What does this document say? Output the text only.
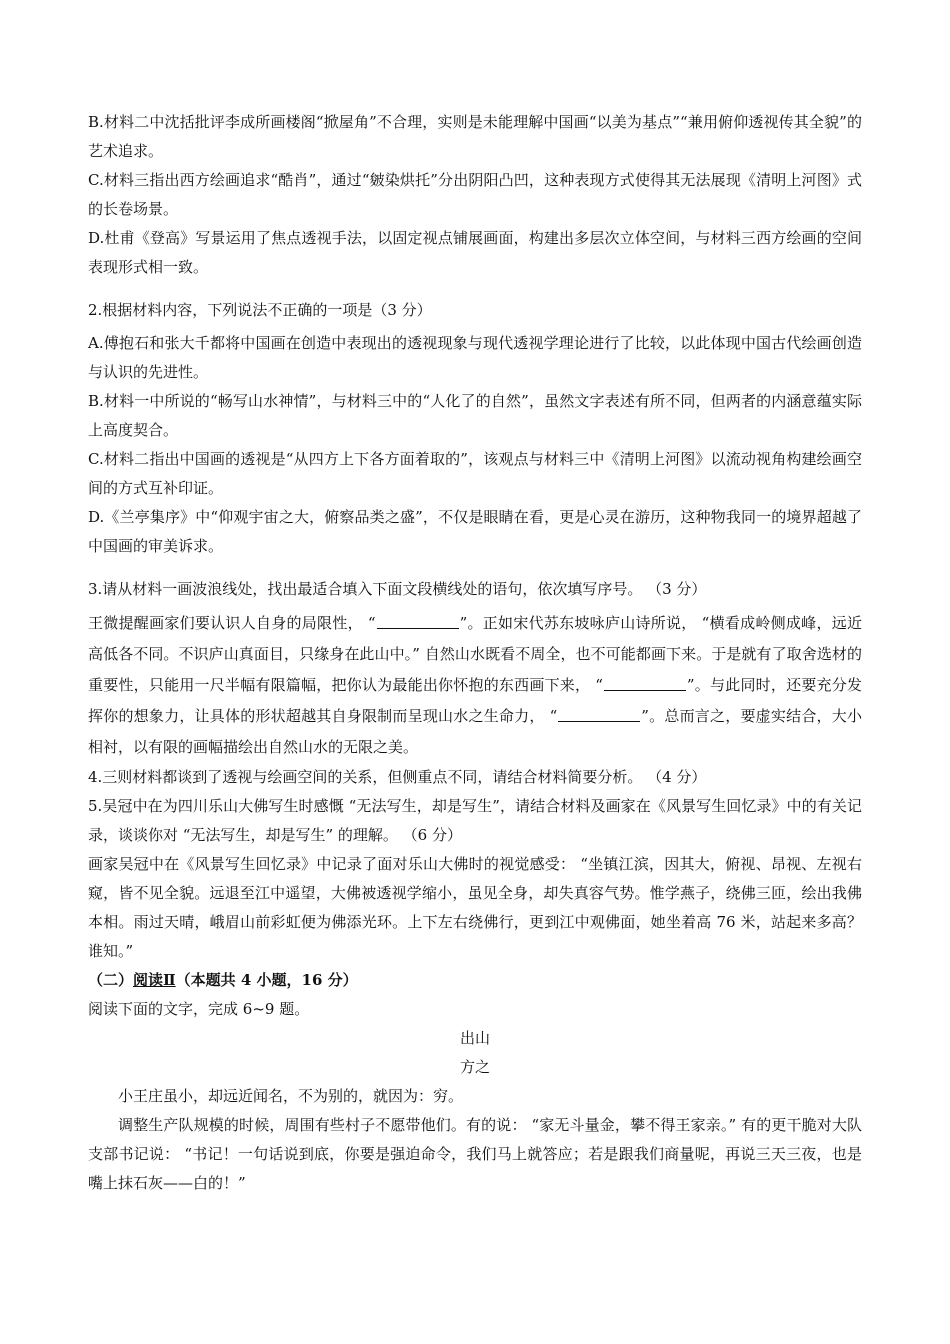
B.材料二中沈括批评李成所画楼阁“掀屋角”不合理，实则是未能理解中国画“以美为基点”“兼用俯仰透视传其全貌”的艺术追求。

C.材料三指出西方绘画追求“酷肖”，通过“皴染烘托”分出阴阳凸凹，这种表现方式使得其无法展现《清明上河图》式的长卷场景。

D.杜甫《登高》写景运用了焦点透视手法，以固定视点铺展画面，构建出多层次立体空间，与材料三西方绘画的空间表现形式相一致。

2.根据材料内容，下列说法不正确的一项是（3 分）

A.傅抱石和张大千都将中国画在创造中表现出的透视现象与现代透视学理论进行了比较，以此体现中国古代绘画创造与认识的先进性。

B.材料一中所说的“畅写山水神情”，与材料三中的“人化了的自然”，虽然文字表述有所不同，但两者的内涵意蕴实际上高度契合。

C.材料二指出中国画的透视是“从四方上下各方面着取的”，该观点与材料三中《清明上河图》以流动视角构建绘画空间的方式互补印证。

D.《兰亭集序》中“仰观宇宙之大，俯察品类之盛”，不仅是眼睛在看，更是心灵在游历，这种物我同一的境界超越了中国画的审美诉求。

3.请从材料一画波浪线处，找出最适合填入下面文段横线处的语句，依次填写序号。 （3 分）

王微提醒画家们要认识人自身的局限性， “	”。正如宋代苏东坡咏庐山诗所说， “横看成岭侧成峰，远近高低各不同。不识庐山真面目，只缘身在此山中。” 自然山水既看不周全，也不可能都画下来。于是就有了取舍选材的重要性，只能用一尺半幅有限篇幅，把你认为最能出你怀抱的东西画下来， “	”。与此同时，还要充分发挥你的想象力，让具体的形状超越其自身限制而呈现山水之生命力， “	”。总而言之，要虚实结合，大小相衬，以有限的画幅描绘出自然山水的无限之美。

4.三则材料都谈到了透视与绘画空间的关系，但侧重点不同，请结合材料简要分析。 （4 分）

5.吴冠中在为四川乐山大佛写生时感慨 “无法写生，却是写生”，请结合材料及画家在《风景写生回忆录》中的有关记录，谈谈你对 “无法写生，却是写生” 的理解。 （6 分）

画家吴冠中在《风景写生回忆录》中记录了面对乐山大佛时的视觉感受： “坐镇江滨，因其大，俯视、昂视、左视右窥，皆不见全貌。远退至江中遥望，大佛被透视学缩小，虽见全身，却失真容气势。惟学燕子，绕佛三匝，绘出我佛本相。雨过天晴，峨眉山前彩虹便为佛添光环。上下左右绕佛行，更到江中观佛面，她坐着高 76 米，站起来多高？谁知。”

（二）阅读Ⅱ（本题共 4 小题，16 分）

阅读下面的文字，完成 6~9 题。

出山

方之

小王庄虽小，却远近闻名，不为别的，就因为：穷。

调整生产队规模的时候，周围有些村子不愿带他们。有的说： “家无斗量金，攀不得王家亲。” 有的更干脆对大队支部书记说： “书记！一句话说到底，你要是强迫命令，我们马上就答应；若是跟我们商量呢，再说三天三夜，也是嘴上抹石灰——白的！”
